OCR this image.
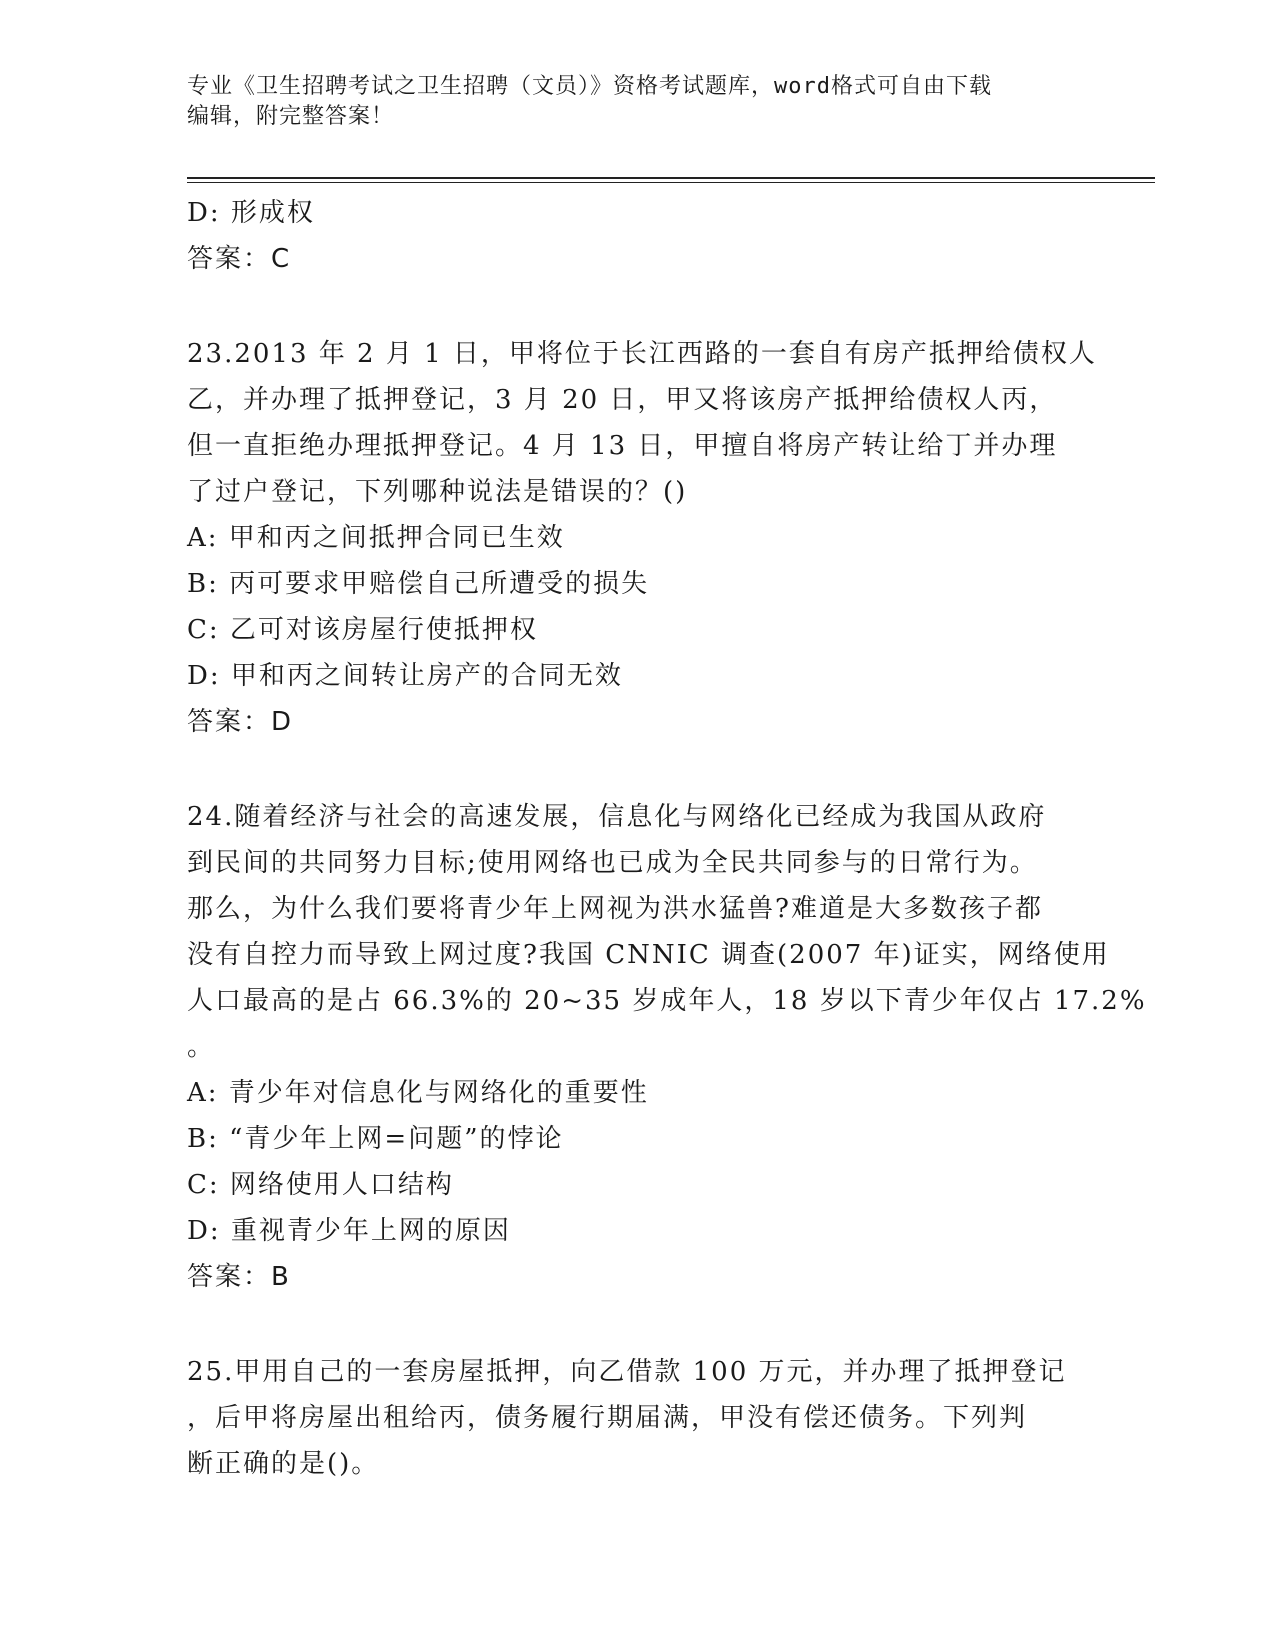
专业《卫生招聘考试之卫生招聘（文员）》资格考试题库，word格式可自由下载
编辑，附完整答案！
D: 形成权
答案：C
23.2013 年 2 月 1 日，甲将位于长江西路的一套自有房产抵押给债权人
乙，并办理了抵押登记，3 月 20 日，甲又将该房产抵押给债权人丙，
但一直拒绝办理抵押登记。4 月 13 日，甲擅自将房产转让给丁并办理
了过户登记，下列哪种说法是错误的？()
A: 甲和丙之间抵押合同已生效
B: 丙可要求甲赔偿自己所遭受的损失
C: 乙可对该房屋行使抵押权
D: 甲和丙之间转让房产的合同无效
答案：D
24.随着经济与社会的高速发展，信息化与网络化已经成为我国从政府
到民间的共同努力目标;使用网络也已成为全民共同参与的日常行为。
那么，为什么我们要将青少年上网视为洪水猛兽?难道是大多数孩子都
没有自控力而导致上网过度?我国 CNNIC 调查(2007 年)证实，网络使用
人口最高的是占 66.3%的 20~35 岁成年人，18 岁以下青少年仅占 17.2%
。
A: 青少年对信息化与网络化的重要性
B: “青少年上网=问题”的悖论
C: 网络使用人口结构
D: 重视青少年上网的原因
答案：B
25.甲用自己的一套房屋抵押，向乙借款 100 万元，并办理了抵押登记
，后甲将房屋出租给丙，债务履行期届满，甲没有偿还债务。下列判
断正确的是()。
